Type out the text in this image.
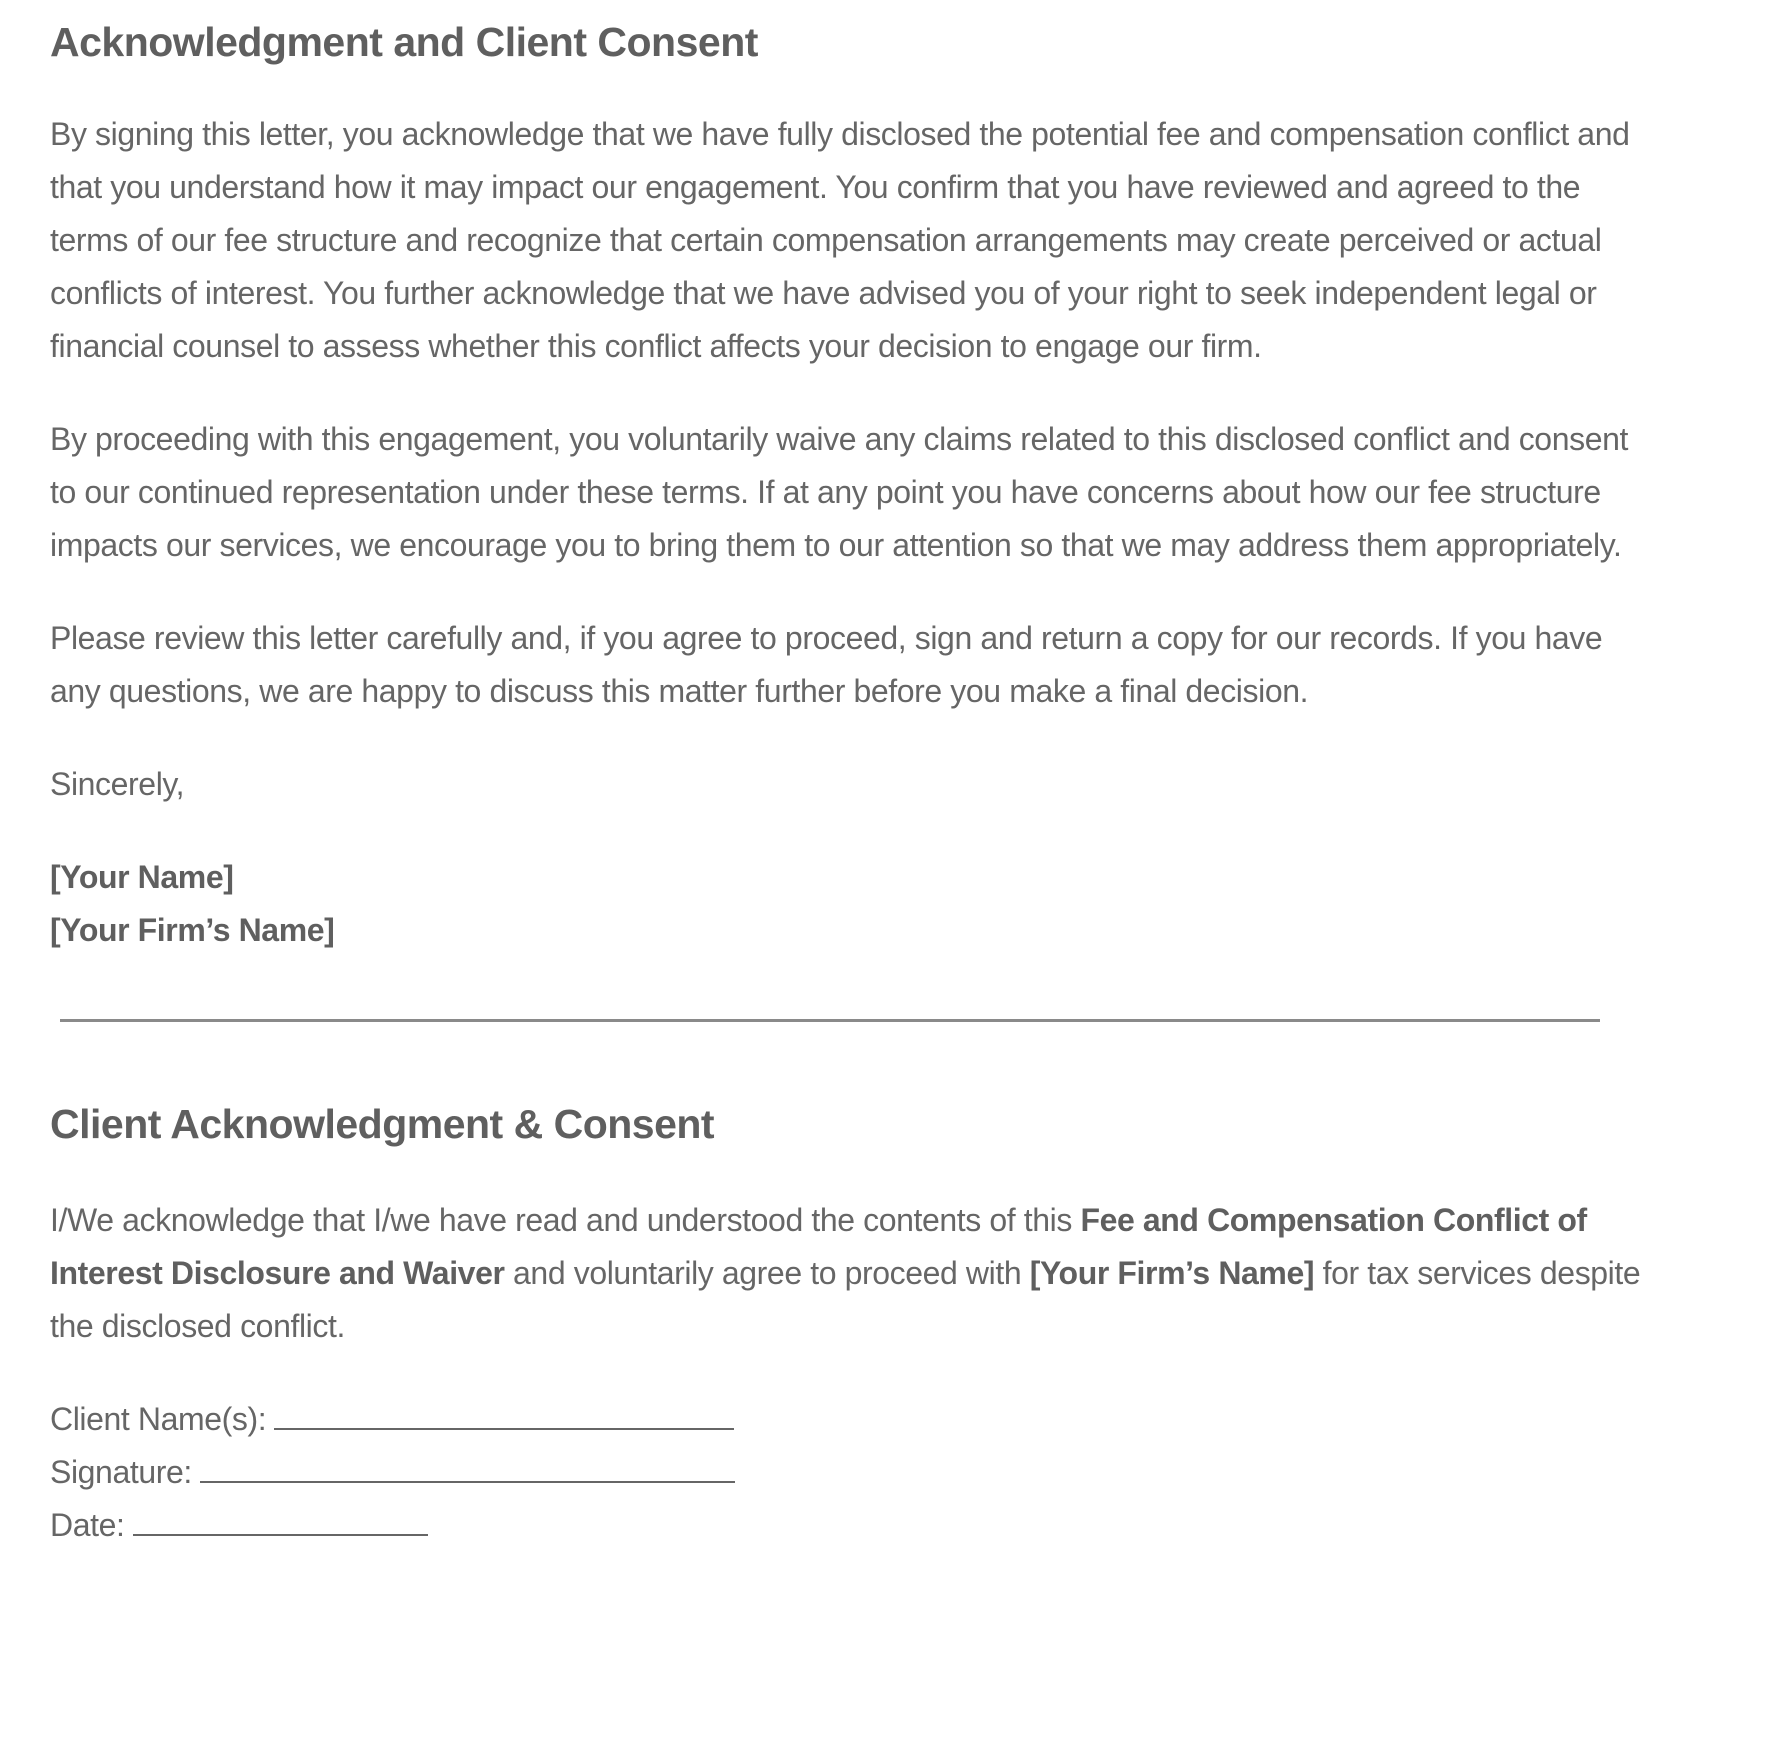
Acknowledgment and Client Consent

By signing this letter, you acknowledge that we have fully disclosed the potential fee and compensation conflict and that you understand how it may impact our engagement. You confirm that you have reviewed and agreed to the terms of our fee structure and recognize that certain compensation arrangements may create perceived or actual conflicts of interest. You further acknowledge that we have advised you of your right to seek independent legal or financial counsel to assess whether this conflict affects your decision to engage our firm.

By proceeding with this engagement, you voluntarily waive any claims related to this disclosed conflict and consent to our continued representation under these terms. If at any point you have concerns about how our fee structure impacts our services, we encourage you to bring them to our attention so that we may address them appropriately.

Please review this letter carefully and, if you agree to proceed, sign and return a copy for our records. If you have any questions, we are happy to discuss this matter further before you make a final decision.

Sincerely,

[Your Name]

[Your Firm’s Name]

Client Acknowledgment & Consent

I/We acknowledge that I/we have read and understood the contents of this Fee and Compensation Conflict of Interest Disclosure and Waiver and voluntarily agree to proceed with [Your Firm’s Name] for tax services despite the disclosed conflict.

Client Name(s):

Signature:

Date:
